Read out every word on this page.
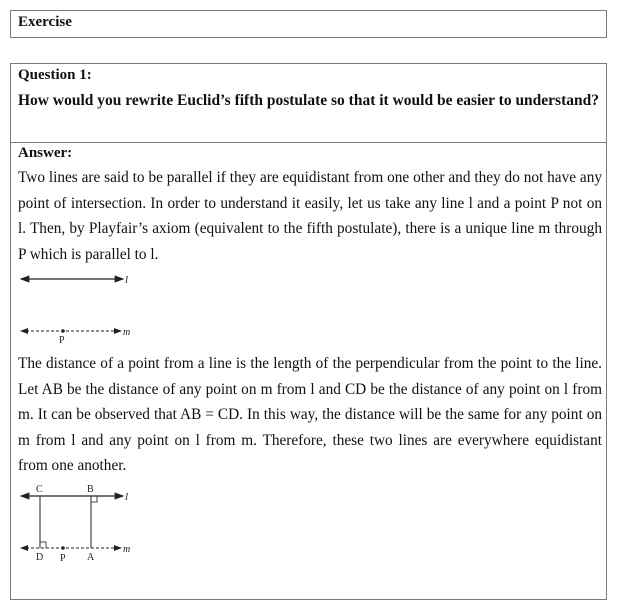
Exercise
Question 1:
How would you rewrite Euclid’s fifth postulate so that it would be easier to understand?
Answer:
Two lines are said to be parallel if they are equidistant from one other and they do not have any point of intersection. In order to understand it easily, let us take any line l and a point P not on l. Then, by Playfair’s axiom (equivalent to the fifth postulate), there is a unique line m through P which is parallel to l.
l
P
m
The distance of a point from a line is the length of the perpendicular from the point to the line. Let AB be the distance of any point on m from l and CD be the distance of any point on l from m. It can be observed that AB = CD. In this way, the distance will be the same for any point on m from l and any point on l from m. Therefore, these two lines are everywhere equidistant from one another.
l
m
C	B
D P A
